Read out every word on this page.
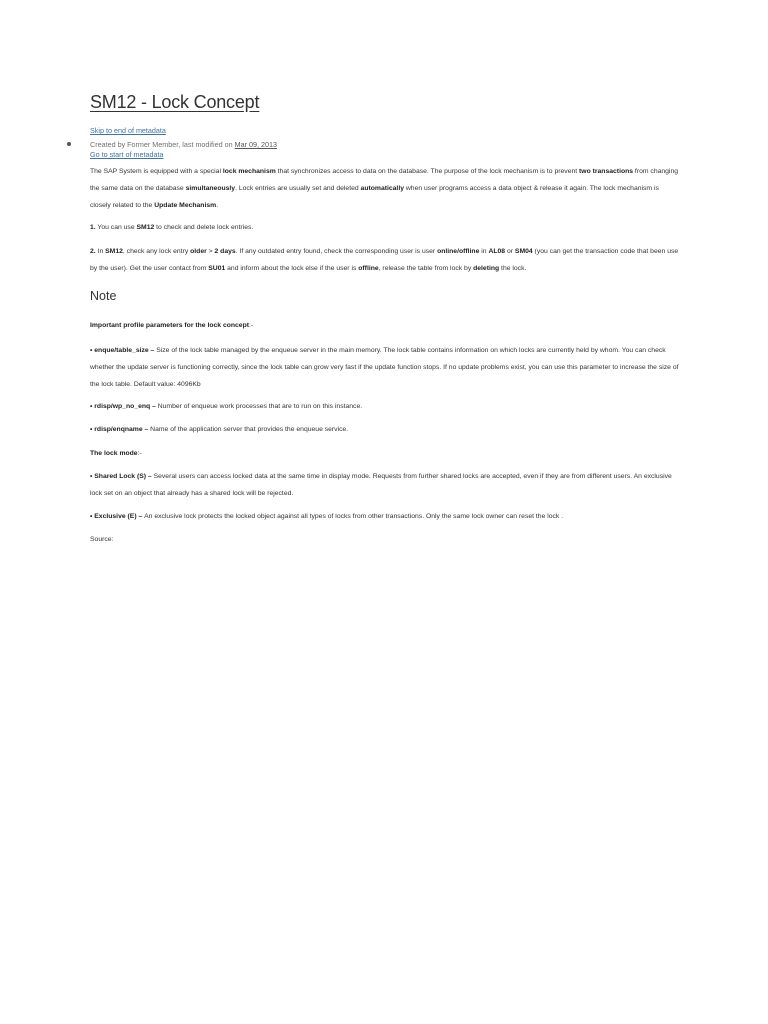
SM12 - Lock Concept
Skip to end of metadata
Created by Former Member, last modified on Mar 09, 2013
Go to start of metadata
The SAP System is equipped with a special lock mechanism that synchronizes access to data on the database. The purpose of the lock mechanism is to prevent two transactions from changing the same data on the database simultaneously. Lock entries are usually set and deleted automatically when user programs access a data object & release it again. The lock mechanism is closely related to the Update Mechanism.
1. You can use SM12 to check and delete lock entries.
2. In SM12, check any lock entry older > 2 days. If any outdated entry found, check the corresponding user is user online/offline in AL08 or SM04 (you can get the transaction code that been use by the user). Get the user contact from SU01 and inform about the lock else if the user is offline, release the table from lock by deleting the lock.
Note
Important profile parameters for the lock concept:-
• enque/table_size – Size of the lock table managed by the enqueue server in the main memory. The lock table contains information on which locks are currently held by whom. You can check whether the update server is functioning correctly, since the lock table can grow very fast if the update function stops. If no update problems exist, you can use this parameter to increase the size of the lock table. Default value: 4096Kb
• rdisp/wp_no_enq – Number of enqueue work processes that are to run on this instance.
• rdisp/enqname – Name of the application server that provides the enqueue service.
The lock mode:-
• Shared Lock (S) – Several users can access locked data at the same time in display mode. Requests from further shared locks are accepted, even if they are from different users. An exclusive lock set on an object that already has a shared lock will be rejected.
• Exclusive (E) – An exclusive lock protects the locked object against all types of locks from other transactions. Only the same lock owner can reset the lock .
Source:
